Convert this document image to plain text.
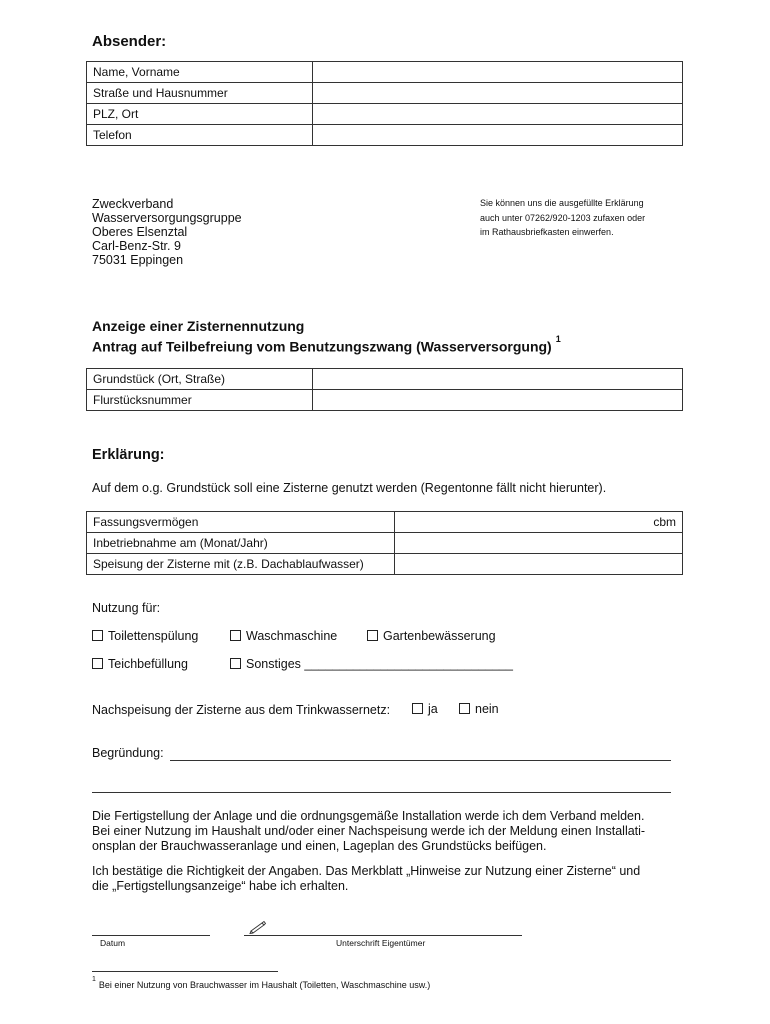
Absender:
Name, Vorname	
Straße und Hausnummer	
PLZ, Ort	
Telefon	
Zweckverband
Wasserversorgungsgruppe
Oberes Elsenztal
Carl-Benz-Str. 9
75031 Eppingen
Sie können uns die ausgefüllte Erklärung
auch unter 07262/920-1203 zufaxen oder
im Rathausbriefkasten einwerfen.
Anzeige einer Zisternennutzung
Antrag auf Teilbefreiung vom Benutzungszwang (Wasserversorgung) $^1$
Grundstück (Ort, Straße)	
Flurstücksnummer	
Erklärung:
Auf dem o.g. Grundstück soll eine Zisterne genutzt werden (Regentonne fällt nicht hierunter).
Fassungsvermögen	cbm
Inbetriebnahme am (Monat/Jahr)	
Speisung der Zisterne mit (z.B. Dachablaufwasser)	
Nutzung für:
Toilettenspülung	Waschmaschine	Gartenbewässerung
Teichbefüllung	Sonstiges ______________________________
Nachspeisung der Zisterne aus dem Trinkwassernetz:	ja	nein
Begründung:
Die Fertigstellung der Anlage und die ordnungsgemäße Installation werde ich dem Verband melden.
Bei einer Nutzung im Haushalt und/oder einer Nachspeisung werde ich der Meldung einen Installati-
onsplan der Brauchwasseranlage und einen, Lageplan des Grundstücks beifügen.
Ich bestätige die Richtigkeit der Angaben. Das Merkblatt „Hinweise zur Nutzung einer Zisterne“ und
die „Fertigstellungsanzeige“ habe ich erhalten.
Datum	Unterschrift Eigentümer
$^1$Bei einer Nutzung von Brauchwasser im Haushalt (Toiletten, Waschmaschine usw.)
